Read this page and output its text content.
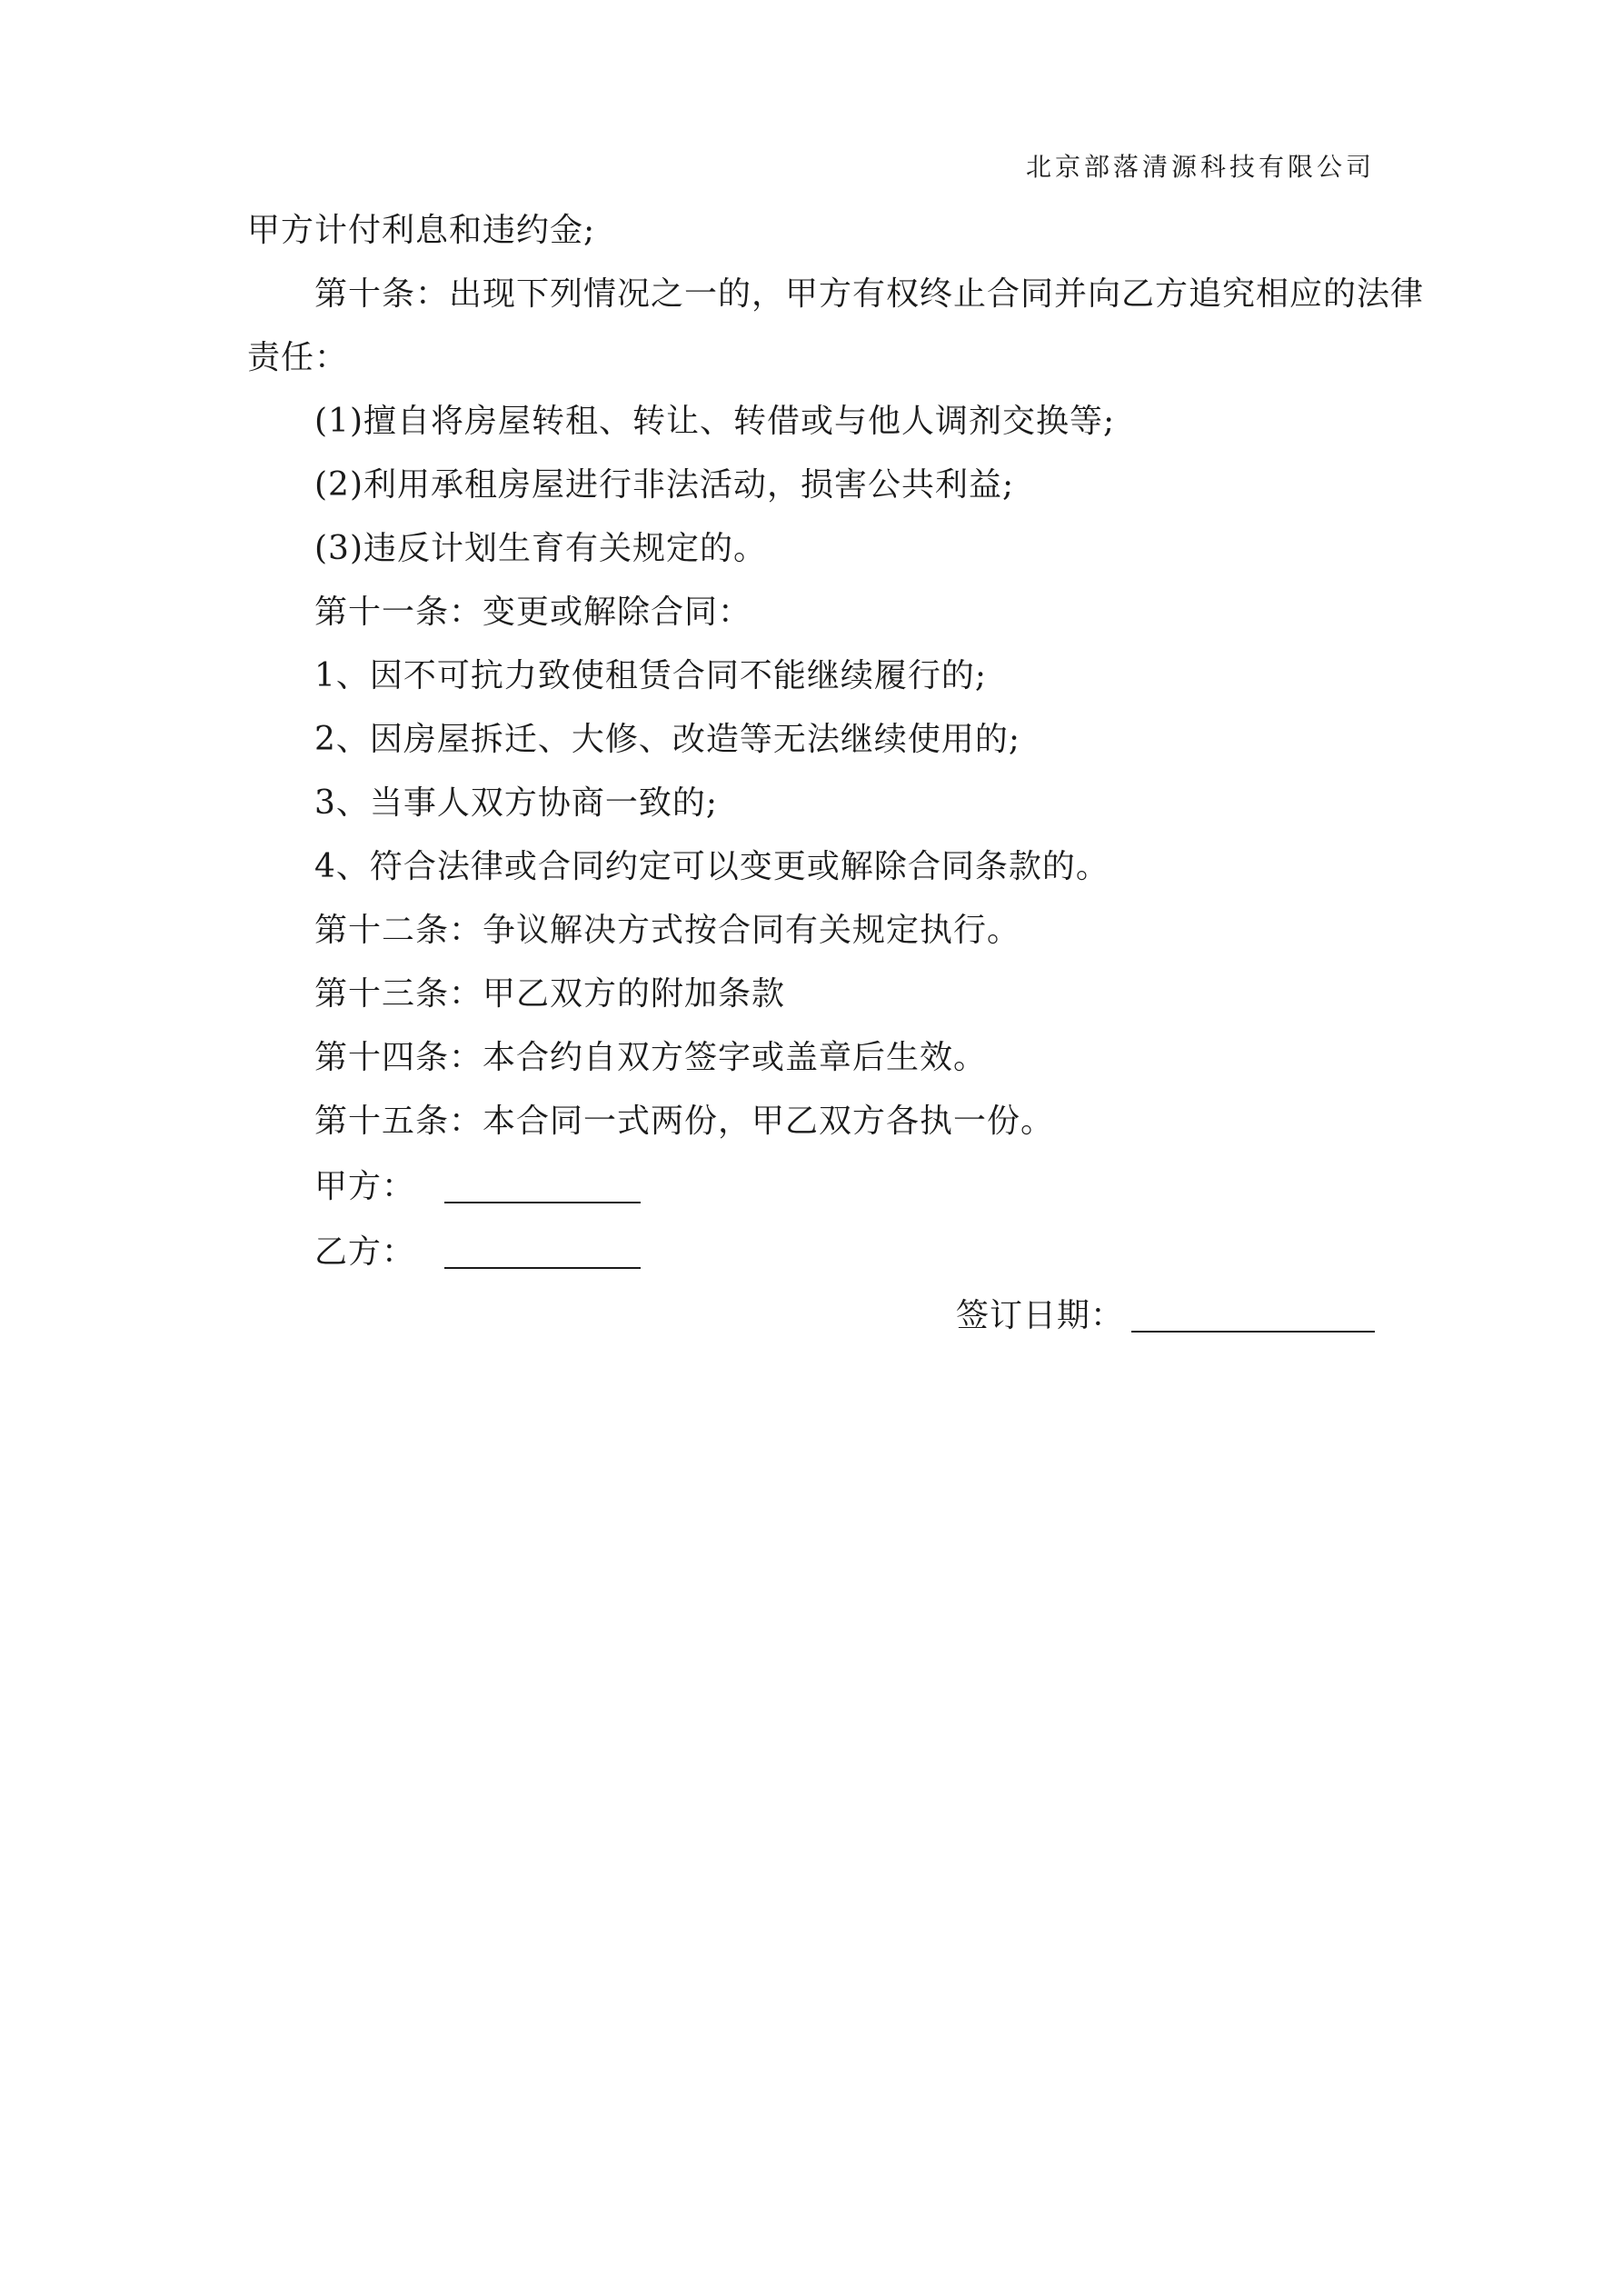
北京部落清源科技有限公司
甲方计付利息和违约金;
第十条：出现下列情况之一的，甲方有权终止合同并向乙方追究相应的法律
责任：
(1)擅自将房屋转租、转让、转借或与他人调剂交换等;
(2)利用承租房屋进行非法活动，损害公共利益;
(3)违反计划生育有关规定的。
第十一条：变更或解除合同：
1、因不可抗力致使租赁合同不能继续履行的;
2、因房屋拆迁、大修、改造等无法继续使用的;
3、当事人双方协商一致的;
4、符合法律或合同约定可以变更或解除合同条款的。
第十二条：争议解决方式按合同有关规定执行。
第十三条：甲乙双方的附加条款
第十四条：本合约自双方签字或盖章后生效。
第十五条：本合同一式两份，甲乙双方各执一份。
甲方：
乙方：
签订日期：
